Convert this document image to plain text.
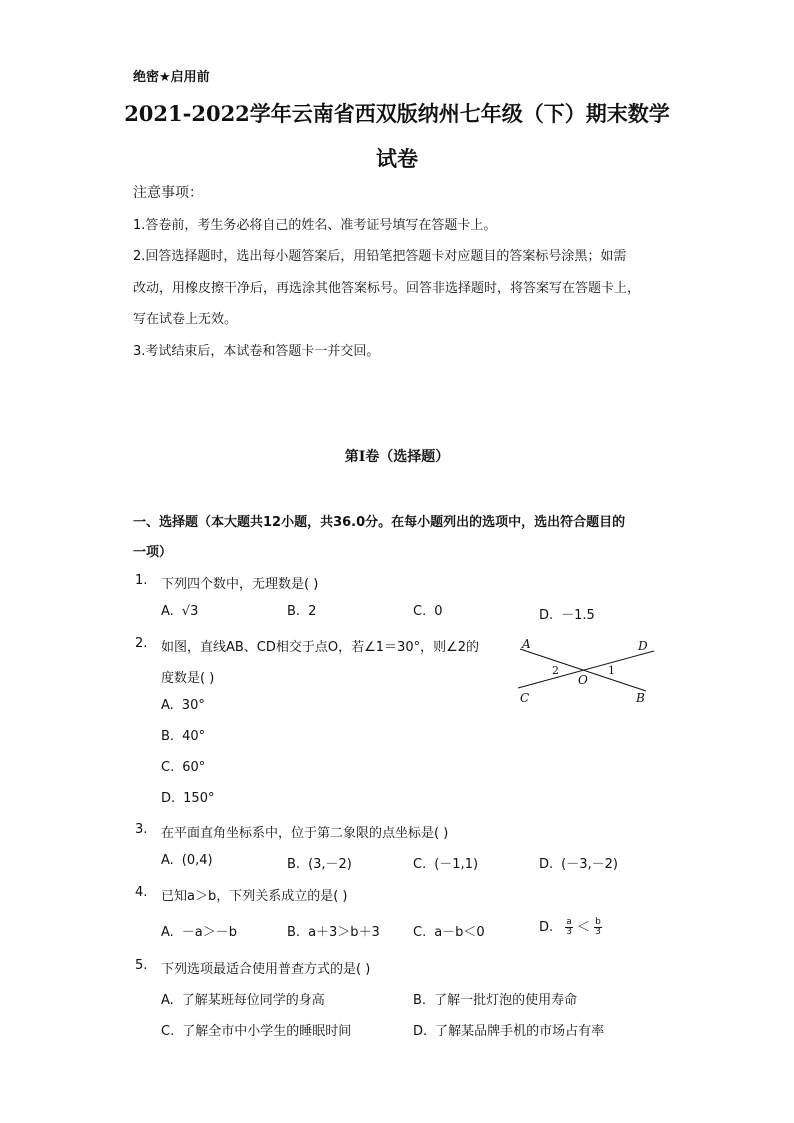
绝密★启用前
2021-2022学年云南省西双版纳州七年级（下）期末数学
试卷
注意事项：
1.答卷前，考生务必将自己的姓名、准考证号填写在答题卡上。
2.回答选择题时，选出每小题答案后，用铅笔把答题卡对应题目的答案标号涂黑；如需
改动，用橡皮擦干净后，再选涂其他答案标号。回答非选择题时，将答案写在答题卡上，
写在试卷上无效。
3.考试结束后，本试卷和答题卡一并交回。
第I卷（选择题）
一、选择题（本大题共12小题，共36.0分。在每小题列出的选项中，选出符合题目的
一项）
1. 下列四个数中，无理数是( )
A. √3	B. 2	C. 0	D. －1.5
2. 如图，直线AB、CD相交于点O，若∠1＝30°，则∠2的
度数是( )
A. 30°
B. 40°
C. 60°
D. 150°
A	D
C	B
O
2	1
3. 在平面直角坐标系中，位于第二象限的点坐标是( )
A. (0,4)	B. (3,－2)	C. (－1,1)	D. (－3,－2)
4. 已知a＞b，下列关系成立的是( )
A. －a＞－b	B. a＋3＞b＋3	C. a－b＜0	D. $\frac{a}{3} < \frac{b}{3}$
5. 下列选项最适合使用普查方式的是( )
A. 了解某班每位同学的身高	B. 了解一批灯泡的使用寿命
C. 了解全市中小学生的睡眠时间	D. 了解某品牌手机的市场占有率
